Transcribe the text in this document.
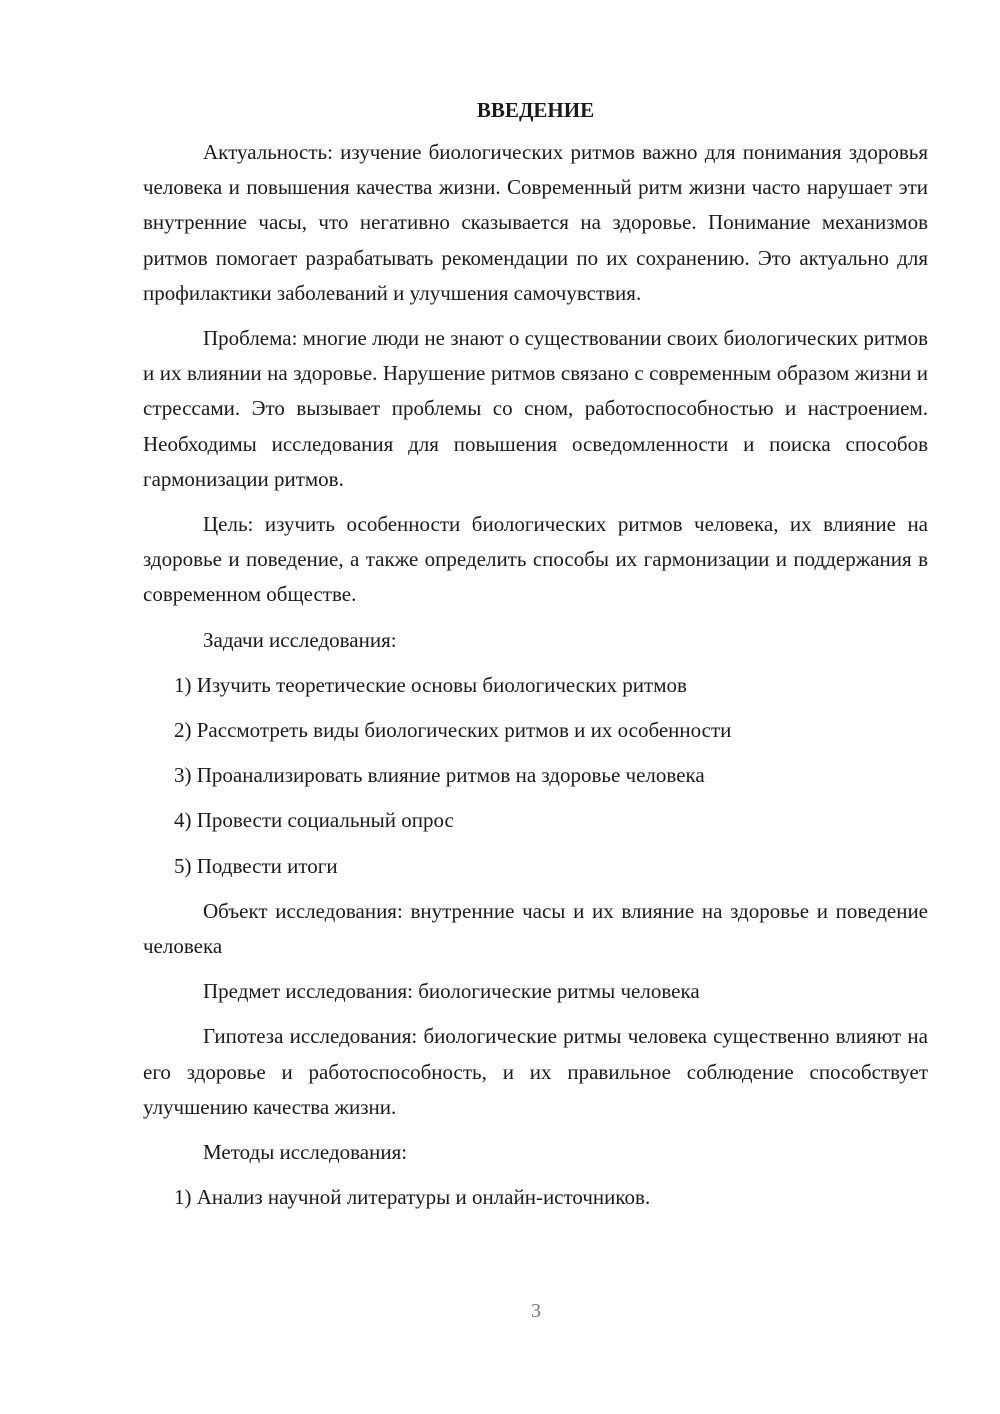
ВВЕДЕНИЕ

Актуальность: изучение биологических ритмов важно для понимания здоровья человека и повышения качества жизни. Современный ритм жизни часто нарушает эти внутренние часы, что негативно сказывается на здоровье. Понимание механизмов ритмов помогает разрабатывать рекомендации по их сохранению. Это актуально для профилактики заболеваний и улучшения самочувствия.

Проблема: многие люди не знают о существовании своих биологических ритмов и их влиянии на здоровье. Нарушение ритмов связано с современным образом жизни и стрессами. Это вызывает проблемы со сном, работоспособностью и настроением. Необходимы исследования для повышения осведомленности и поиска способов гармонизации ритмов.

Цель: изучить особенности биологических ритмов человека, их влияние на здоровье и поведение, а также определить способы их гармонизации и поддержания в современном обществе.

Задачи исследования:

1) Изучить теоретические основы биологических ритмов

2) Рассмотреть виды биологических ритмов и их особенности

3) Проанализировать влияние ритмов на здоровье человека

4) Провести социальный опрос

5) Подвести итоги

Объект исследования: внутренние часы и их влияние на здоровье и поведение человека

Предмет исследования: биологические ритмы человека

Гипотеза исследования: биологические ритмы человека существенно влияют на его здоровье и работоспособность, и их правильное соблюдение способствует улучшению качества жизни.

Методы исследования:

1) Анализ научной литературы и онлайн-источников.

3
